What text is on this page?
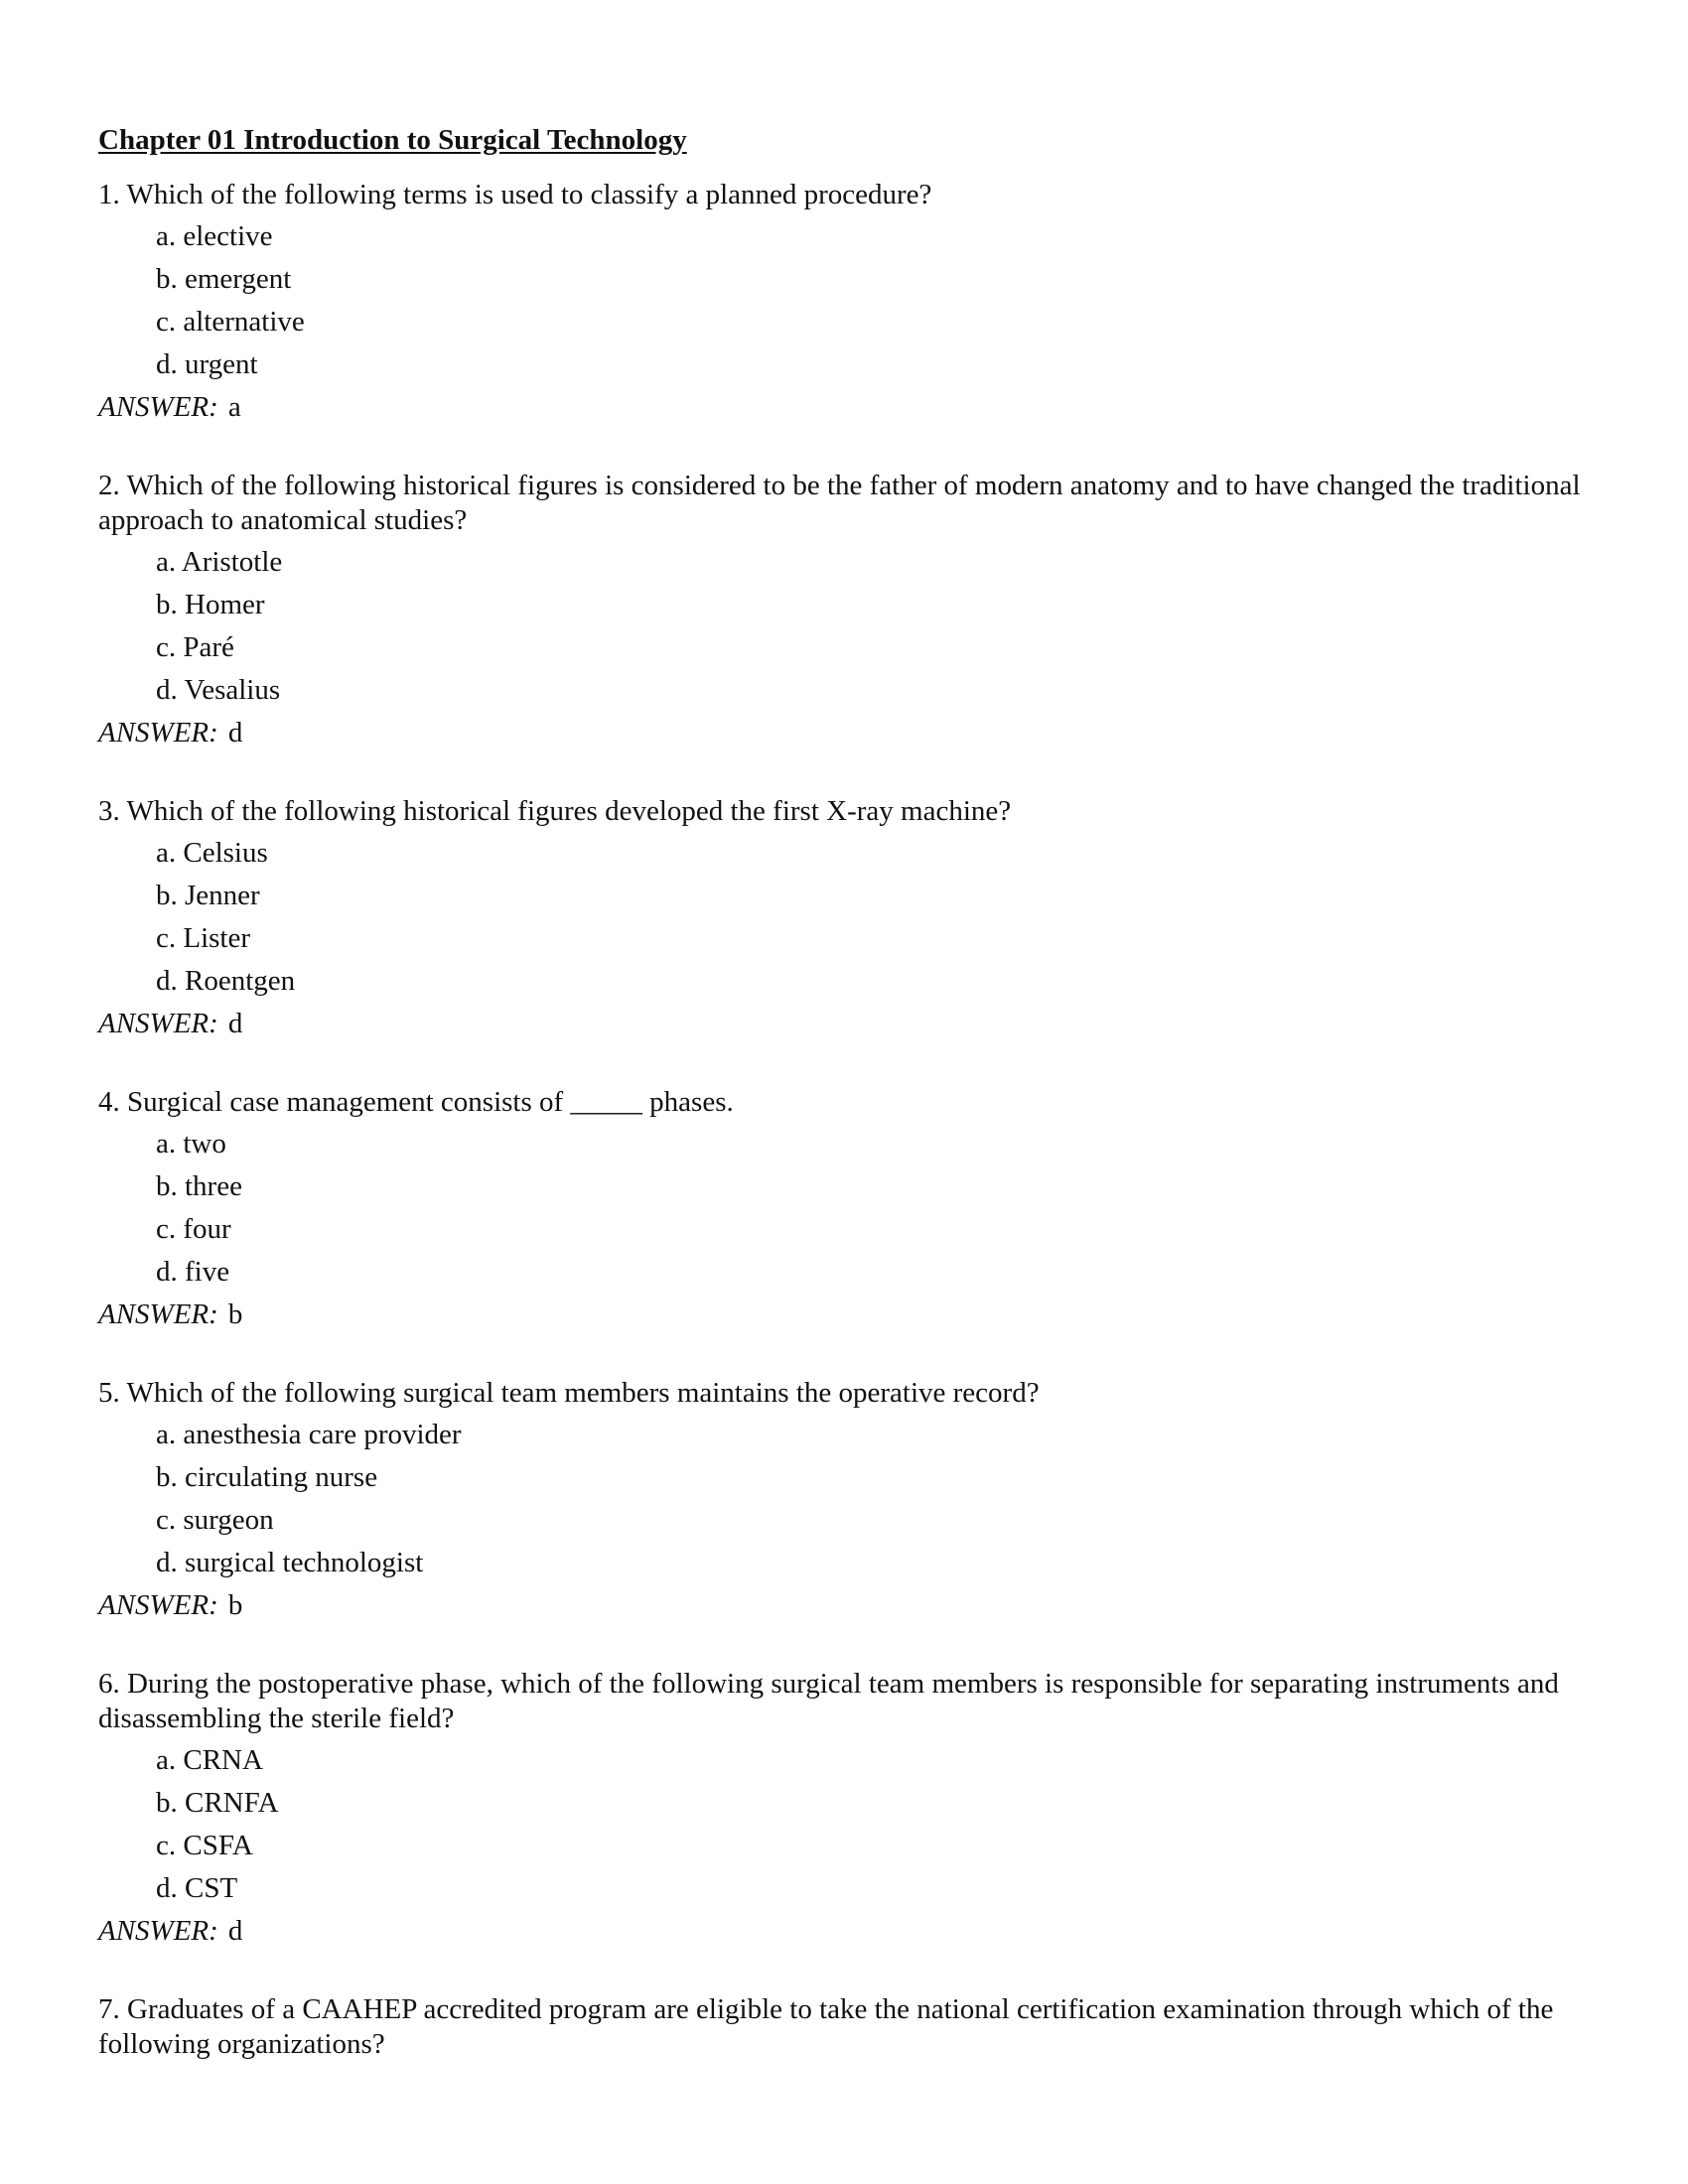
Chapter 01 Introduction to Surgical Technology
1. Which of the following terms is used to classify a planned procedure?
a. elective
b. emergent
c. alternative
d. urgent
ANSWER: a
2. Which of the following historical figures is considered to be the father of modern anatomy and to have changed the traditional approach to anatomical studies?
a. Aristotle
b. Homer
c. Paré
d. Vesalius
ANSWER: d
3. Which of the following historical figures developed the first X-ray machine?
a. Celsius
b. Jenner
c. Lister
d. Roentgen
ANSWER: d
4. Surgical case management consists of _____ phases.
a. two
b. three
c. four
d. five
ANSWER: b
5. Which of the following surgical team members maintains the operative record?
a. anesthesia care provider
b. circulating nurse
c. surgeon
d. surgical technologist
ANSWER: b
6. During the postoperative phase, which of the following surgical team members is responsible for separating instruments and disassembling the sterile field?
a. CRNA
b. CRNFA
c. CSFA
d. CST
ANSWER: d
7. Graduates of a CAAHEP accredited program are eligible to take the national certification examination through which of the following organizations?
